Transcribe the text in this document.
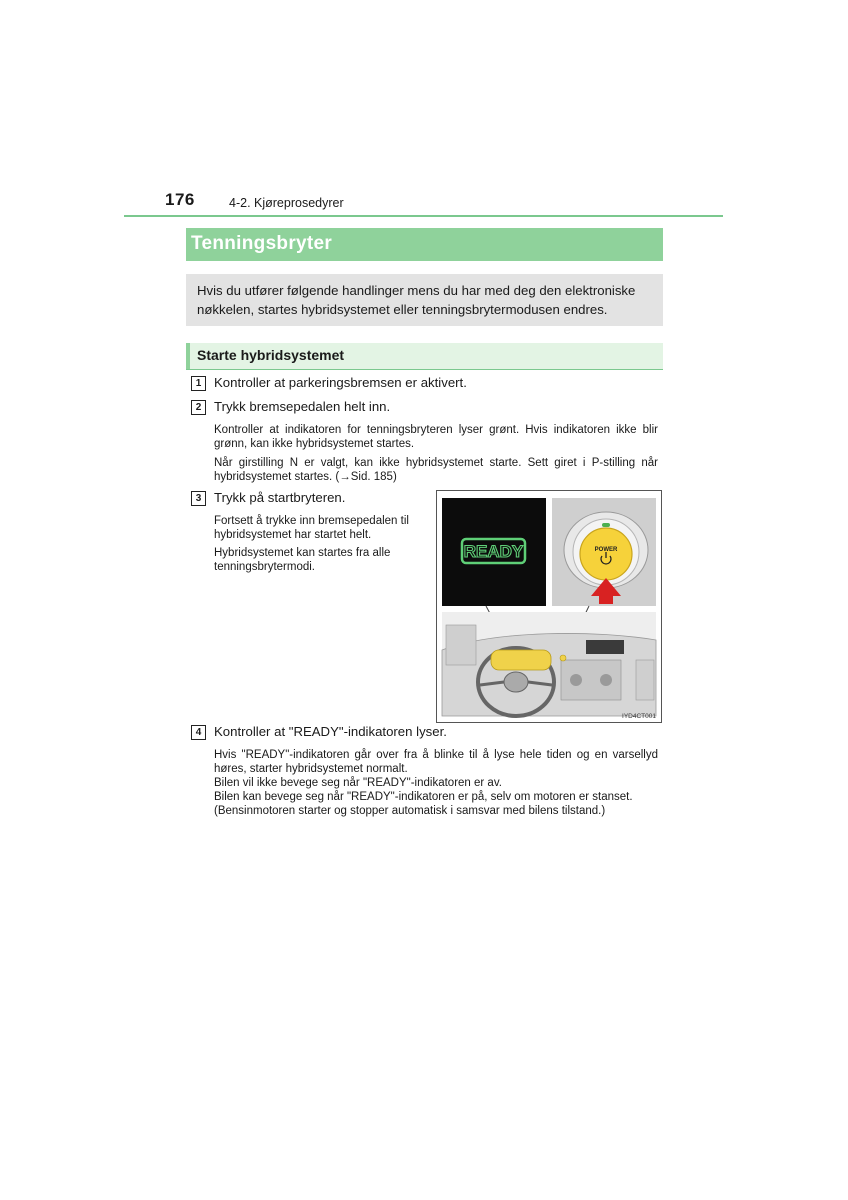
176	4-2. Kjøreprosedyrer
Tenningsbryter

Hvis du utfører følgende handlinger mens du har med deg den elektroniske nøkkelen, startes hybridsystemet eller tenningsbrytermodusen endres.

Starte hybridsystemet
1 Kontroller at parkeringsbremsen er aktivert.
2 Trykk bremsepedalen helt inn.

Kontroller at indikatoren for tenningsbryteren lyser grønt. Hvis indikatoren ikke blir grønn, kan ikke hybridsystemet startes.

Når girstilling N er valgt, kan ikke hybridsystemet starte. Sett giret i P-stilling når hybridsystemet startes. (→Sid. 185)

3 Trykk på startbryteren.

Fortsett å trykke inn bremsepedalen til hybridsystemet har startet helt.

Hybridsystemet kan startes fra alle tenningsbrytermodi.

READY	POWER
IYD4CT001
4 Kontroller at "READY"-indikatoren lyser.

Hvis "READY"-indikatoren går over fra å blinke til å lyse hele tiden og en varsellyd høres, starter hybridsystemet normalt.

Bilen vil ikke bevege seg når "READY"-indikatoren er av.

Bilen kan bevege seg når "READY"-indikatoren er på, selv om motoren er stanset.

(Bensinmotoren starter og stopper automatisk i samsvar med bilens tilstand.)
